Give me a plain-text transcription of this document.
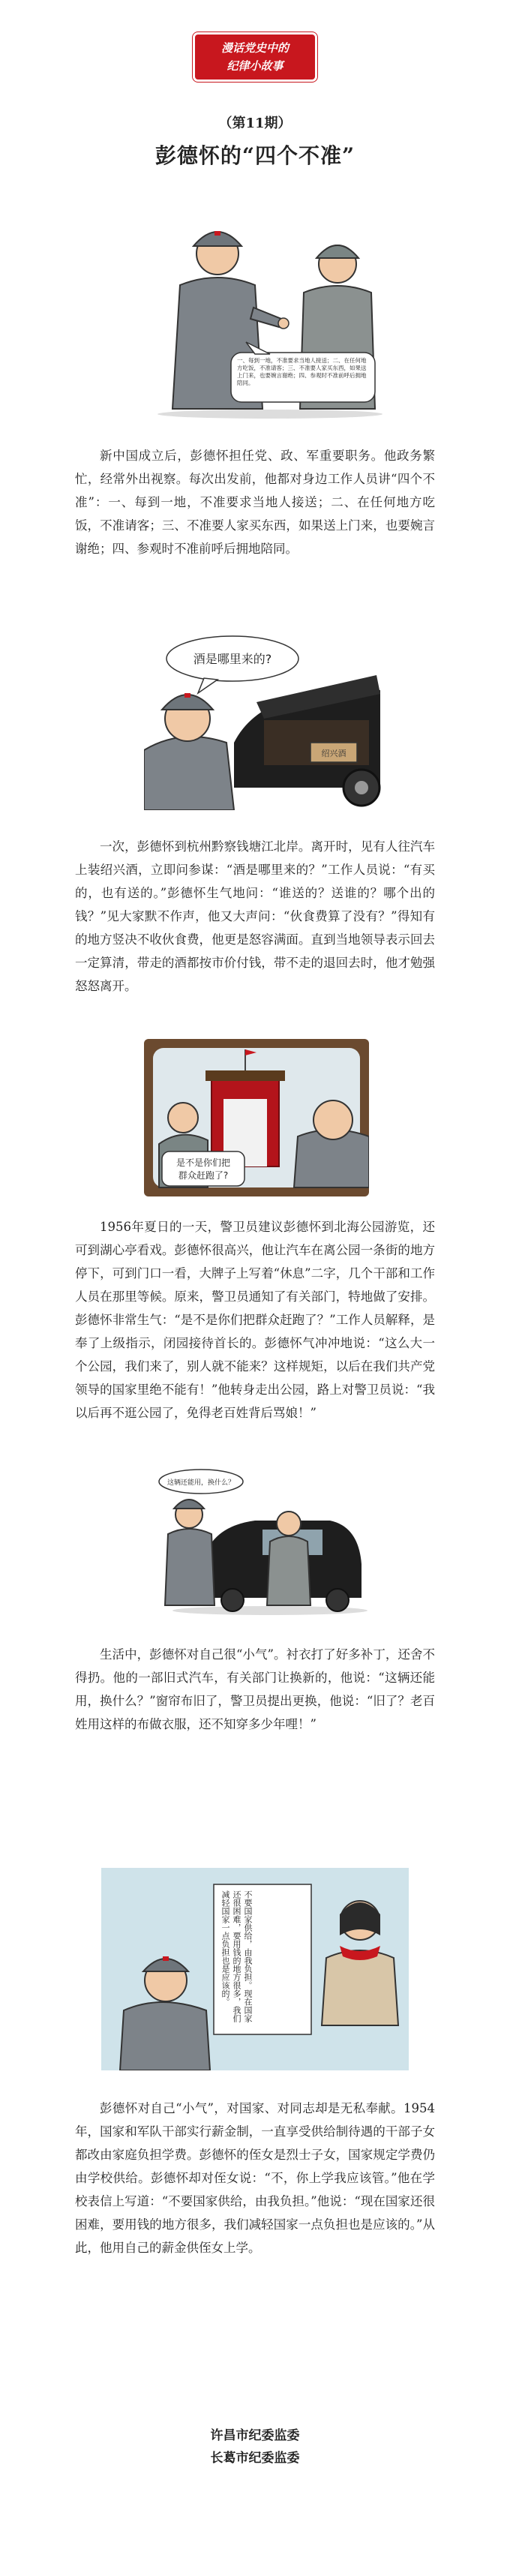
漫话党史中的
纪律小故事
（第11期）
彭德怀的“四个不准”
一、每到一地，不准要求当地人接送；二、在任何地方吃饭，不准请客；三、不准要人家买东西，如果送上门来，也要婉言谢绝；四、参观时不准前呼后拥地陪同。

新中国成立后，彭德怀担任党、政、军重要职务。他政务繁忙，经常外出视察。每次出发前，他都对身边工作人员讲“四个不准”：一、每到一地，不准要求当地人接送；二、在任何地方吃饭，不准请客；三、不准要人家买东西，如果送上门来，也要婉言谢绝；四、参观时不准前呼后拥地陪同。

绍兴酒
酒是哪里来的?

一次，彭德怀到杭州黔察钱塘江北岸。离开时，见有人往汽车上装绍兴酒，立即问参谋：“酒是哪里来的？”工作人员说：“有买的，也有送的。”彭德怀生气地问：“谁送的？送谁的？哪个出的钱？”见大家默不作声，他又大声问：“伙食费算了没有？”得知有的地方竖决不收伙食费，他更是怒容满面。直到当地领导表示回去一定算清，带走的酒都按市价付钱，带不走的退回去时，他才勉强怒怒离开。

是不是你们把
群众赶跑了?

1956年夏日的一天，警卫员建议彭德怀到北海公园游览，还可到湖心亭看戏。彭德怀很高兴，他让汽车在离公园一条街的地方停下，可到门口一看，大牌子上写着“休息”二字，几个干部和工作人员在那里等候。原来，警卫员通知了有关部门，特地做了安排。彭德怀非常生气：“是不是你们把群众赶跑了？”工作人员解释，是奉了上级指示，闭园接待首长的。彭德怀气冲冲地说：“这么大一个公园，我们来了，别人就不能来？这样规矩，以后在我们共产党领导的国家里绝不能有！”他转身走出公园，路上对警卫员说：“我以后再不逛公园了，免得老百姓背后骂娘！”

这辆还能用，换什么？

生活中，彭德怀对自己很“小气”。衬衣打了好多补丁，还舍不得扔。他的一部旧式汽车，有关部门让换新的，他说：“这辆还能用，换什么？”窗帘布旧了，警卫员提出更换，他说：“旧了？老百姓用这样的布做衣服，还不知穿多少年哩！”

不要国家供给，由我负担。现在国家还很困难，要用钱的地方很多，我们减轻国家一点负担也是应该的。

彭德怀对自己“小气”，对国家、对同志却是无私奉献。1954年，国家和军队干部实行薪金制，一直享受供给制待遇的干部子女都改由家庭负担学费。彭德怀的侄女是烈士子女，国家规定学费仍由学校供给。彭德怀却对侄女说：“不，你上学我应该管。”他在学校表信上写道：“不要国家供给，由我负担。”他说：“现在国家还很困难，要用钱的地方很多，我们减轻国家一点负担也是应该的。”从此，他用自己的薪金供侄女上学。

许昌市纪委监委
长葛市纪委监委
